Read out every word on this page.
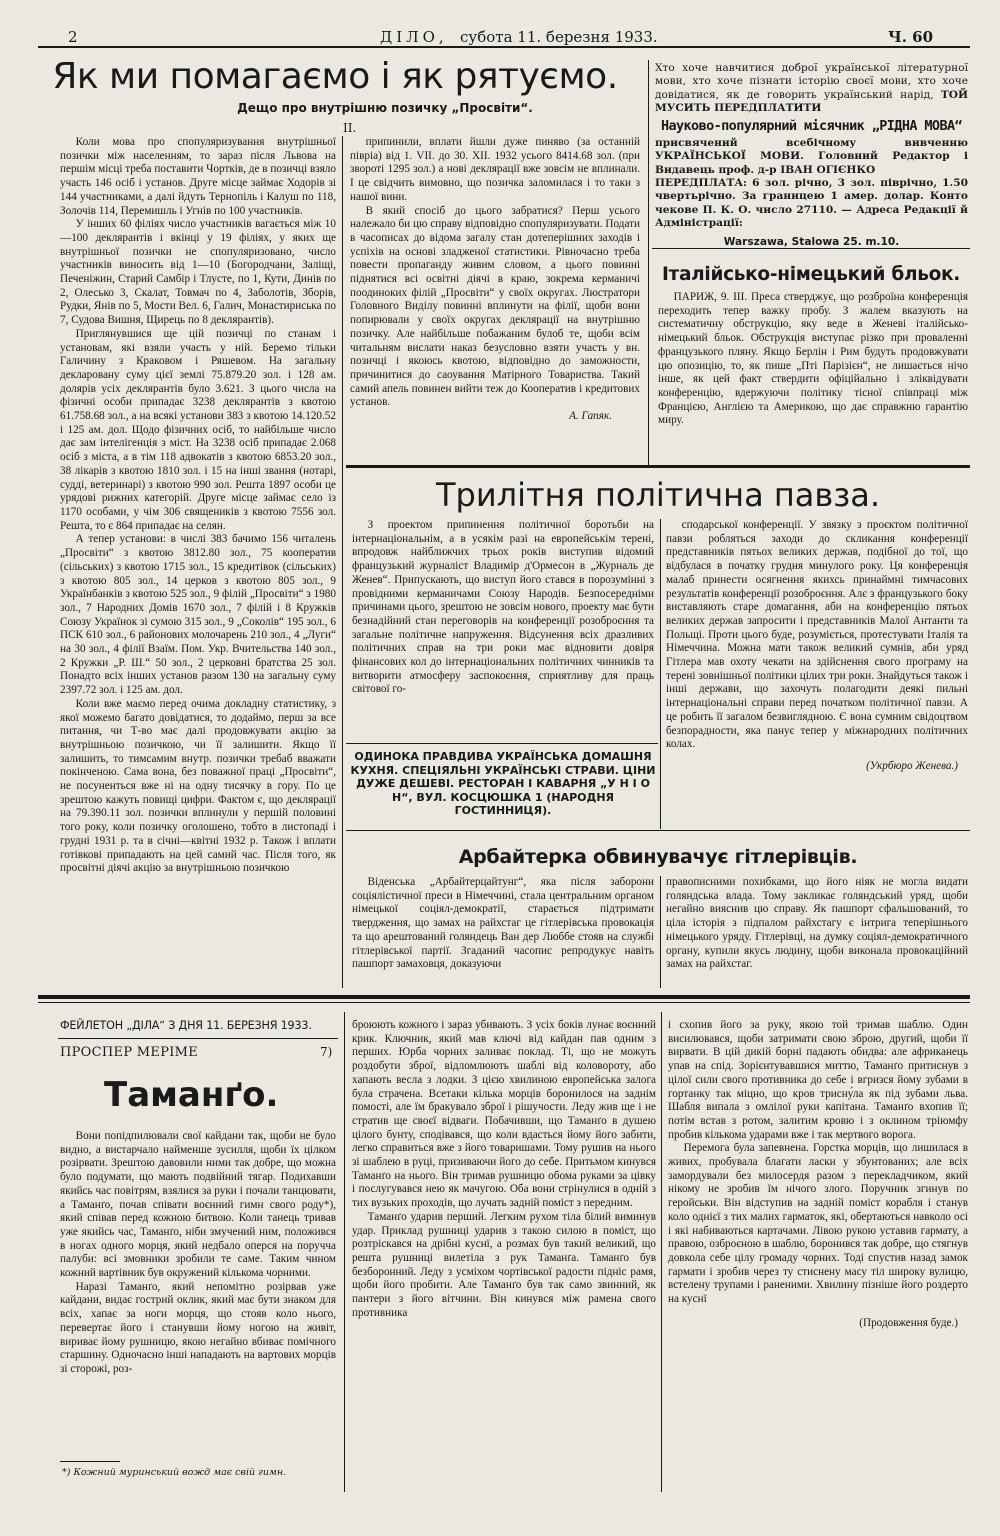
2	ДІЛО, субота 11. березня 1933.	Ч. 60
Як ми помагаємо і як рятуємо.
Дещо про внутрішню позичку „Просвіти“.
II.

Коли мова про спопуляризування внутрішньої позички між населенням, то зараз після Львова на першім місці треба поставити Чортків, де в позичці взяло участь 146 осіб і установ. Друге місце займає Ходорів зі 144 участниками, а далі йдуть Тернопіль і Калуш по 118, Золочів 114, Перемишль і Угнів по 100 участників.

У інших 60 філіях число участників вагається між 10—100 деклярантів і вкінці у 19 філіях, у яких ще внутрішньої позички не спопуляризовано, число участників виносить від 1—10 (Богородчани, Заліщі, Печеніжин, Старий Самбір і Тлусте, по 1, Кути, Динів по 2, Олесько 3, Скалат, Товмач по 4, Заболотів, Зборів, Рудки, Янів по 5, Мости Вел. 6, Галич, Монастириська по 7, Судова Вишня, Щирець по 8 деклярантів).

Приглянувшися ще цій позичці по станам і установам, які взяли участь у ній. Беремо тільки Галичину з Краковом і Ряшевом. На загальну декларовану суму цієї землі 75.879.20 зол. і 128 ам. долярів усіх деклярантів було 3.621. З цього числа на фізичні особи припадає 3238 деклярантів з квотою 61.758.68 зол., а на всякі установи 383 з квотою 14.120.52 і 125 ам. дол. Щодо фізичних осіб, то найбільше число дає зам інтелігенція з міст. На 3238 осіб припадає 2.068 осіб з міста, а в тім 118 адвокатів з квотою 6853.20 зол., 38 лікарів з квотою 1810 зол. і 15 на інші звання (нотарі, судді, ветеринарі) з квотою 990 зол. Решта 1897 особи це урядові рижних категорій. Друге місце займає село із 1170 особами, у чім 306 священиків з квотою 7556 зол. Решта, то є 864 припадає на селян.

А тепер установи: в числі 383 бачимо 156 читалень „Просвіти“ з квотою 3812.80 зол., 75 кооператив (сільських) з квотою 1715 зол., 15 кредитівок (сільських) з квотою 805 зол., 14 церков з квотою 805 зол., 9 Українбанків з квотою 525 зол., 9 філій „Просвіти“ з 1980 зол., 7 Народних Домів 1670 зол., 7 філій і 8 Кружків Союзу Українок зі сумою 315 зол., 9 „Соколів“ 195 зол., 6 ПСК 610 зол., 6 районових молочарень 210 зол., 4 „Луги“ на 30 зол., 4 філії Взаїм. Пом. Укр. Вчительства 140 зол., 2 Кружки „Р. Ш.“ 50 зол., 2 церковні братства 25 зол. Понадто всіх інших установ разом 130 на загальну суму 2397.72 зол. і 125 ам. дол.

Коли вже маємо перед очима докладну статистику, з якої можемо багато довідатися, то додаймо, перш за все питання, чи Т-во має далі продовжувати акцію за внутрішньою позичкою, чи її залишити. Якщо її залишить, то тимсамим внутр. позички требаб вважати покінченою. Сама вона, без поважної праці „Просвіти“, не посуненться вже ні на одну тисячку в гору. По це зрештою кажуть повищі цифри. Фактом є, що деклярації на 79.390.11 зол. позички вплинули у першій половині того року, коли позичку оголошено, тобто в листопаді і грудні 1931 р. та в січні—квітні 1932 р. Також і вплати готівкові припадають на цей самий час. Після того, як просвітні діячі акцію за внутрішньою позичкою

припинили, вплати йшли дуже пиняво (за останній півріа) від 1. VII. до 30. XII. 1932 усього 8414.68 зол. (при звороті 1295 зол.) а нові деклярації вже зовсім не вплинали. І це свідчить вимовно, що позичка заломилася і то таки з нашої вини.

В який спосіб до цього забратися? Перш усього належало би цю справу відповідно спопуляризувати. Подати в часописах до відома загалу стан дотеперішних заходів і успіхів на основі зладженої статистики. Рівночасно треба повести пропаганду живим словом, а цього повинні піднятися всі освітні діячі в краю, зокрема керманичі поодиноких філій „Просвіти“ у своїх округах. Люстратори Головного Виділу повинні вплинути на філії, щоби вони попирювали у своїх округах деклярації на внутрішню позичку. Але найбільше побажаним булоб те, щоби всім читальням вислати наказ безусловно взяти участь у вн. позичці і якоюсь квотою, відповідно до заможности, причинитися до саоування Матірного Товариства. Такий самий апель повинен вийти теж до Кооператив і кредитових установ.

А. Гапяк.

Хто хоче навчитися доброї української літературної мови, хто хоче пізнати історію своєї мови, хто хоче довідатися, як де говорить український нарід, ТОЙ МУСИТЬ ПЕРЕДПЛАТИТИ

Науково-популярний місячник „РІДНА МОВА“

присвячений всебічному вивченню УКРАЇНСЬКОЇ МОВИ. Головний Редактор і Видавець проф. д-р ІВАН ОГІЄНКО

ПЕРЕДПЛАТА: 6 зол. річно, 3 зол. піврічно, 1.50 чвертьрічно. За границею 1 амер. долар. Конто чекове П. К. О. число 27110. — Адреса Редакції й Адміністрації:

Warszawa, Stalowa 25. m.10.

Італійсько-німецький бльок.

ПАРИЖ, 9. III. Преса стверджує, що розброїна конференція переходить тепер важку пробу. З жалем вказують на систематичну обструкцію, яку веде в Женеві італійсько-німецький бльок. Обструкція виступає різко при проваленні французького пляну. Якщо Берлін і Рим будуть продовжувати цю опозицію, то, як пише „Пті Парізієн“, не лишається нічо інше, як цей факт ствердити офіційально і зліквідувати конференцію, вдержуючи політику тісної співпраці між Францією, Англією та Америкою, що дає справжню гарантію миру.

Трилітня політична павза.

З проектом припинення політичної боротьби на інтернаціональнім, а в усякім разі на европейськім терені, впродовж найближчих трьох років виступив відомий французький журналіст Владимір д'Ормесон в „Журналь де Женев“. Припускають, що виступ його стався в порозумінні з провідними керманичами Союзу Народів. Безпосередніми причинами цього, зрештою не зовсім нового, проекту має бути безнадійний стан переговорів на конференції розоброєння та загальне політичне напруження. Відсунення всіх дразливих політичних справ на три роки має відновити довіря фінансових кол до інтернаціональних політичних чинників та витворити атмосферу заспокоєння, сприятливу для праць світової го-

сподарської конференції. У звязку з проєктом політичної павзи робляться заходи до скликання конференції представників пятьох великих держав, подібної до тої, що відбулася в початку грудня минулого року. Ця конференція малаб принести осягнення якихсь принаймні тимчасових результатів конференції розоброєння. Алє з французького боку виставляють старе домагання, аби на конференцію пятьох великих держав запросити і представників Малої Антанти та Польщі. Проти цього буде, розуміється, протестувати Італія та Німеччина. Можна мати також великий сумнів, аби уряд Гітлера мав охоту чекати на здійснення свого програму на терені зовнішньої політики цілих три роки. Знайдуться також і інші держави, що захочуть полагодити деякі пильні інтернаціональні справи перед початком політичної павзи. А це робить її загалом безвиглядною. Є вона сумним свідоцтвом безпорадности, яка панує тепер у міжнародних політичних колах.

(Укрбюро Женева.)
ОДИНОКА ПРАВДИВА УКРАЇНСЬКА ДОМАШНЯ КУХНЯ. СПЕЦІЯЛЬНІ УКРАЇНСЬКІ СТРАВИ. ЦІНИ ДУЖЕ ДЕШЕВІ. РЕСТОРАН І КАВАРНЯ „У Н І О Н“, ВУЛ. КОСЦЮШКА 1 (НАРОДНЯ ГОСТИННИЦЯ).
Арбайтерка обвинувачує гітлерівців.

Віденська „Арбайтерцайтунг“, яка після заборони соціялістичної преси в Німеччині, стала центральним органом німецької соціял-демократії, старається підтримати твердження, що замах на райхстаг це гітлерівська провокація та що арештований голяндець Ван дер Люббе стояв на службі гітлерівської партії. Згаданий часопис репродукує навіть пашпорт замаховця, доказуючи

правописними похибками, що його ніяк не могла видати голяндська влада. Тому закликає голяндський уряд, щоби негайно вияснив цю справу. Як пашпорт сфальшований, то ціла історія з підпалом райхстагу є інтрига теперішнього німецького уряду. Гітлерівці, на думку соціял-демократичного органу, купили якусь людину, щоби виконала провокаційний замах на райхстаг.

ФЕЙЛЕТОН „ДІЛА“ З ДНЯ 11. БЕРЕЗНЯ 1933.
ПРОСПЕР МЕРІМЕ	7)
Таманґо.

Вони попідпилювали свої кайдани так, щоби не було видно, а вистарчало найменше зусилля, щоби їх цілком розірвати. Зрештою давовили ними так добре, що можна було подумати, що мають подвійний тягар. Подихавши якийсь час повітрям, взялися за руки і почали танцювати, а Таманґо, почав співати воєнний гимн свого роду*), який співав перед кожною битвою. Коли танець тривав уже якийсь час, Таманґо, ніби змучений ним, положився в ногах одного морця, який недбало оперся на поручча палуби: всі змовники зробили те саме. Таким чином кожний вартівник був окружений кількома чорними.

Наразі Таманґо, який непомітно розірвав уже кайдани, видає гострий оклик, який має бути знаком для всіх, хапає за ноги морця, що стояв коло нього, перевертає його і станувши йому ногою на живіт, вириває йому рушницю, якою негайно вбиває помічного старшину. Одночасно інші нападають на вартових морців зі сторожі, роз-

*) Кожний муринський вожд має свій гимн.

броюють кожного і зараз убивають. З усіх боків лунає воєнний крик. Ключник, який мав ключі від кайдан пав одним з перших. Юрба чорних заливає поклад. Ті, що не можуть роздобути зброї, відломлюють шаблі від коловороту, або хапають весла з лодки. З цією хвилиною европейська залога була страчена. Всетаки кілька морців боронилося на заднім помості, але їм бракувало зброї і рішучости. Леду жив ще і не стратив ще своєї відваги. Побачивши, що Таманґо в душею цілого бунту, сподівався, що коли вдасться йому його забити, легко справиться вже з його товаришами. Тому рушив на нього зі шаблею в руці, призиваючи його до себе. Притьмом кинувся Таманґо на нього. Він тримав рушницю обома руками за цівку і послугувався нею як мачугою. Оба вони стрінулися в одній з тих вузьких проходів, що лучать задній поміст з передним.

Таманґо ударив перший. Легким рухом тіла білий виминув удар. Приклад рушниці ударив з такою силою в поміст, що розтріскався на дрібні куснї, а розмах був такий великий, що решта рушниці вилетіла з рук Таманґа. Таманґо був безборонний. Леду з усміхом чортівської радости підніс рамя, щоби його пробити. Але Таманґо був так само звинний, як пантери з його вітчини. Він кинувся між рамена свого противника

і схопив його за руку, якою той тримав шаблю. Один висилювався, щоби затримати свою зброю, другий, щоби її вирвати. В цій дикій борні падають обидва: але африканець упав на спід. Зорієнтувавшися миттю, Таманґо притиснув з цілої сили свого противника до себе і вгризся йому зубами в гортанку так міцно, що кров трисну́ла як під зубами льва. Шабля випала з омлілої руки капітана. Таманґо вхопив її; потім встав з ротом, залитим кровю і з оклином тріюмфу пробив кількома ударами вже і так мертвого ворога.

Перемога була запевнена. Горстка морців, що лишилася в живих, пробувала благати ласки у збунтованих; але всіх замордували без милосердя разом з перекладчиком, який нікому не зробив їм нічого злого. Поручник згинув по геройськи. Він відступив на задній поміст корабля і станув коло однієї з тих малих гарматок, які, обертаються навколо осі і які набиваються картачами. Лівою рукою уставив гармату, а правою, озброєною в шаблю, боронився так добре, що стягнув довкола себе цілу громаду чорних. Тоді спустив назад замок гармати і зробив через ту стиснену масу тіл широку вулицю, встелену трупами і раненими. Хвилину пізніше його роздерто на куснї

(Продовження буде.)
